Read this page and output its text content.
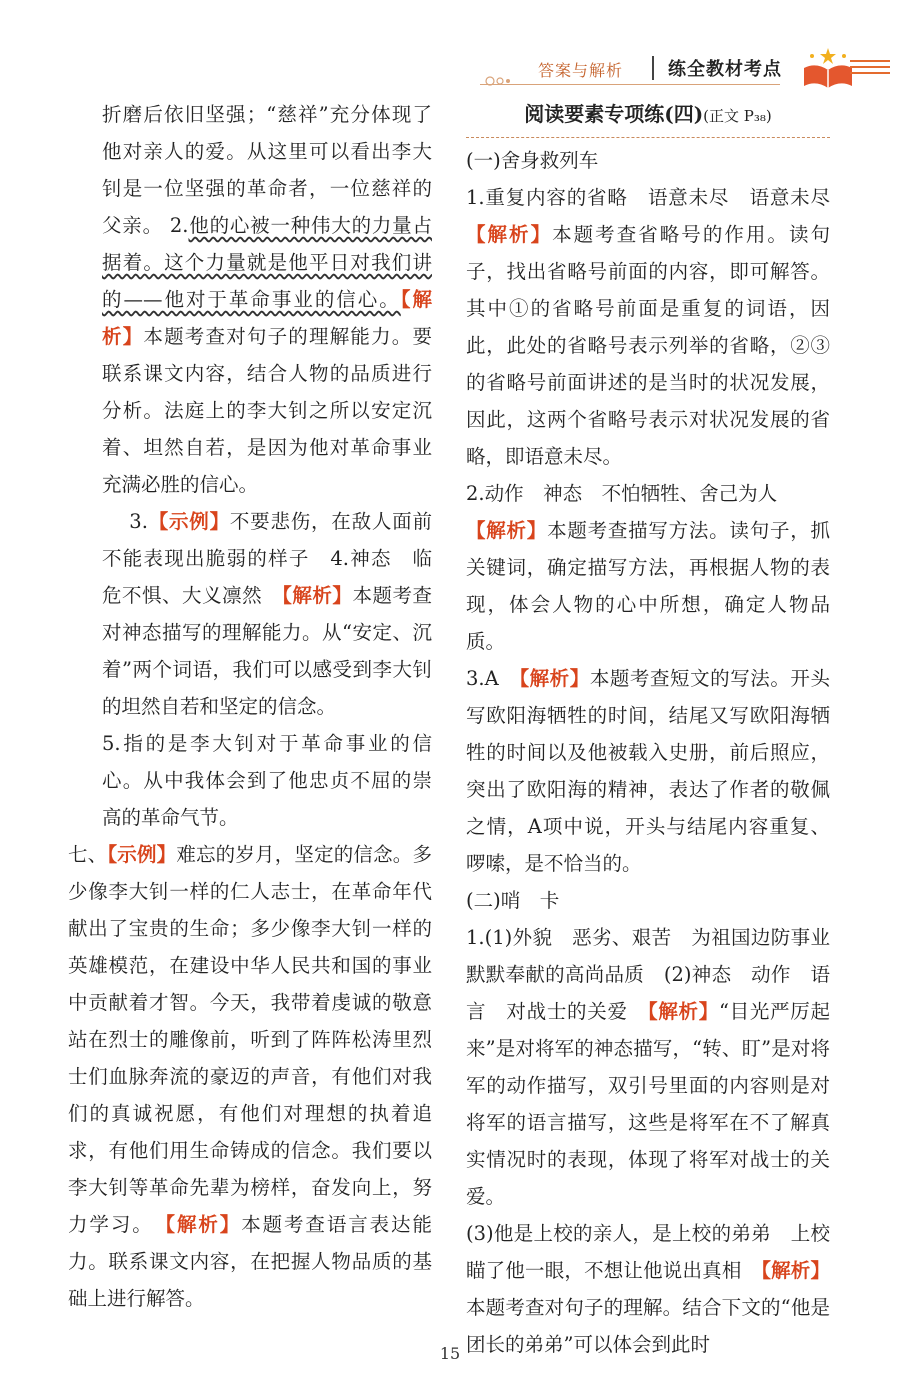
答案与解析 练全教材考点

折磨后依旧坚强；“慈祥”充分体现了他对亲人的爱。从这里可以看出李大钊是一位坚强的革命者，一位慈祥的父亲。 2.他的心被一种伟大的力量占据着。这个力量就是他平日对我们讲的——他对于革命事业的信心。【解析】本题考查对句子的理解能力。要联系课文内容，结合人物的品质进行分析。法庭上的李大钊之所以安定沉着、坦然自若，是因为他对革命事业充满必胜的信心。

3.【示例】不要悲伤，在敌人面前不能表现出脆弱的样子　4.神态　临危不惧、大义凛然　【解析】本题考查对神态描写的理解能力。从“安定、沉着”两个词语，我们可以感受到李大钊的坦然自若和坚定的信念。

5.指的是李大钊对于革命事业的信心。从中我体会到了他忠贞不屈的崇高的革命气节。

七、【示例】难忘的岁月，坚定的信念。多少像李大钊一样的仁人志士，在革命年代献出了宝贵的生命；多少像李大钊一样的英雄模范，在建设中华人民共和国的事业中贡献着才智。今天，我带着虔诚的敬意站在烈士的雕像前，听到了阵阵松涛里烈士们血脉奔流的豪迈的声音，有他们对我们的真诚祝愿，有他们对理想的执着追求，有他们用生命铸成的信念。我们要以李大钊等革命先辈为榜样，奋发向上，努力学习。　【解析】本题考查语言表达能力。联系课文内容，在把握人物品质的基础上进行解答。

阅读要素专项练(四)(正文 P₃₈)

(一)舍身救列车

1.重复内容的省略　语意未尽　语意未尽　【解析】本题考查省略号的作用。读句子，找出省略号前面的内容，即可解答。其中①的省略号前面是重复的词语，因此，此处的省略号表示列举的省略，②③的省略号前面讲述的是当时的状况发展，因此，这两个省略号表示对状况发展的省略，即语意未尽。

2.动作　神态　不怕牺牲、舍己为人

【解析】本题考查描写方法。读句子，抓关键词，确定描写方法，再根据人物的表现，体会人物的心中所想，确定人物品质。

3.A　【解析】本题考查短文的写法。开头写欧阳海牺牲的时间，结尾又写欧阳海牺牲的时间以及他被载入史册，前后照应，突出了欧阳海的精神，表达了作者的敬佩之情，A项中说，开头与结尾内容重复、啰嗦，是不恰当的。

(二)哨　卡

1.(1)外貌　恶劣、艰苦　为祖国边防事业默默奉献的高尚品质　(2)神态　动作　语言　对战士的关爱　【解析】“目光严厉起来”是对将军的神态描写，“转、盯”是对将军的动作描写，双引号里面的内容则是对将军的语言描写，这些是将军在不了解真实情况时的表现，体现了将军对战士的关爱。

(3)他是上校的亲人，是上校的弟弟　上校瞄了他一眼，不想让他说出真相　【解析】本题考查对句子的理解。结合下文的“他是团长的弟弟”可以体会到此时

15
